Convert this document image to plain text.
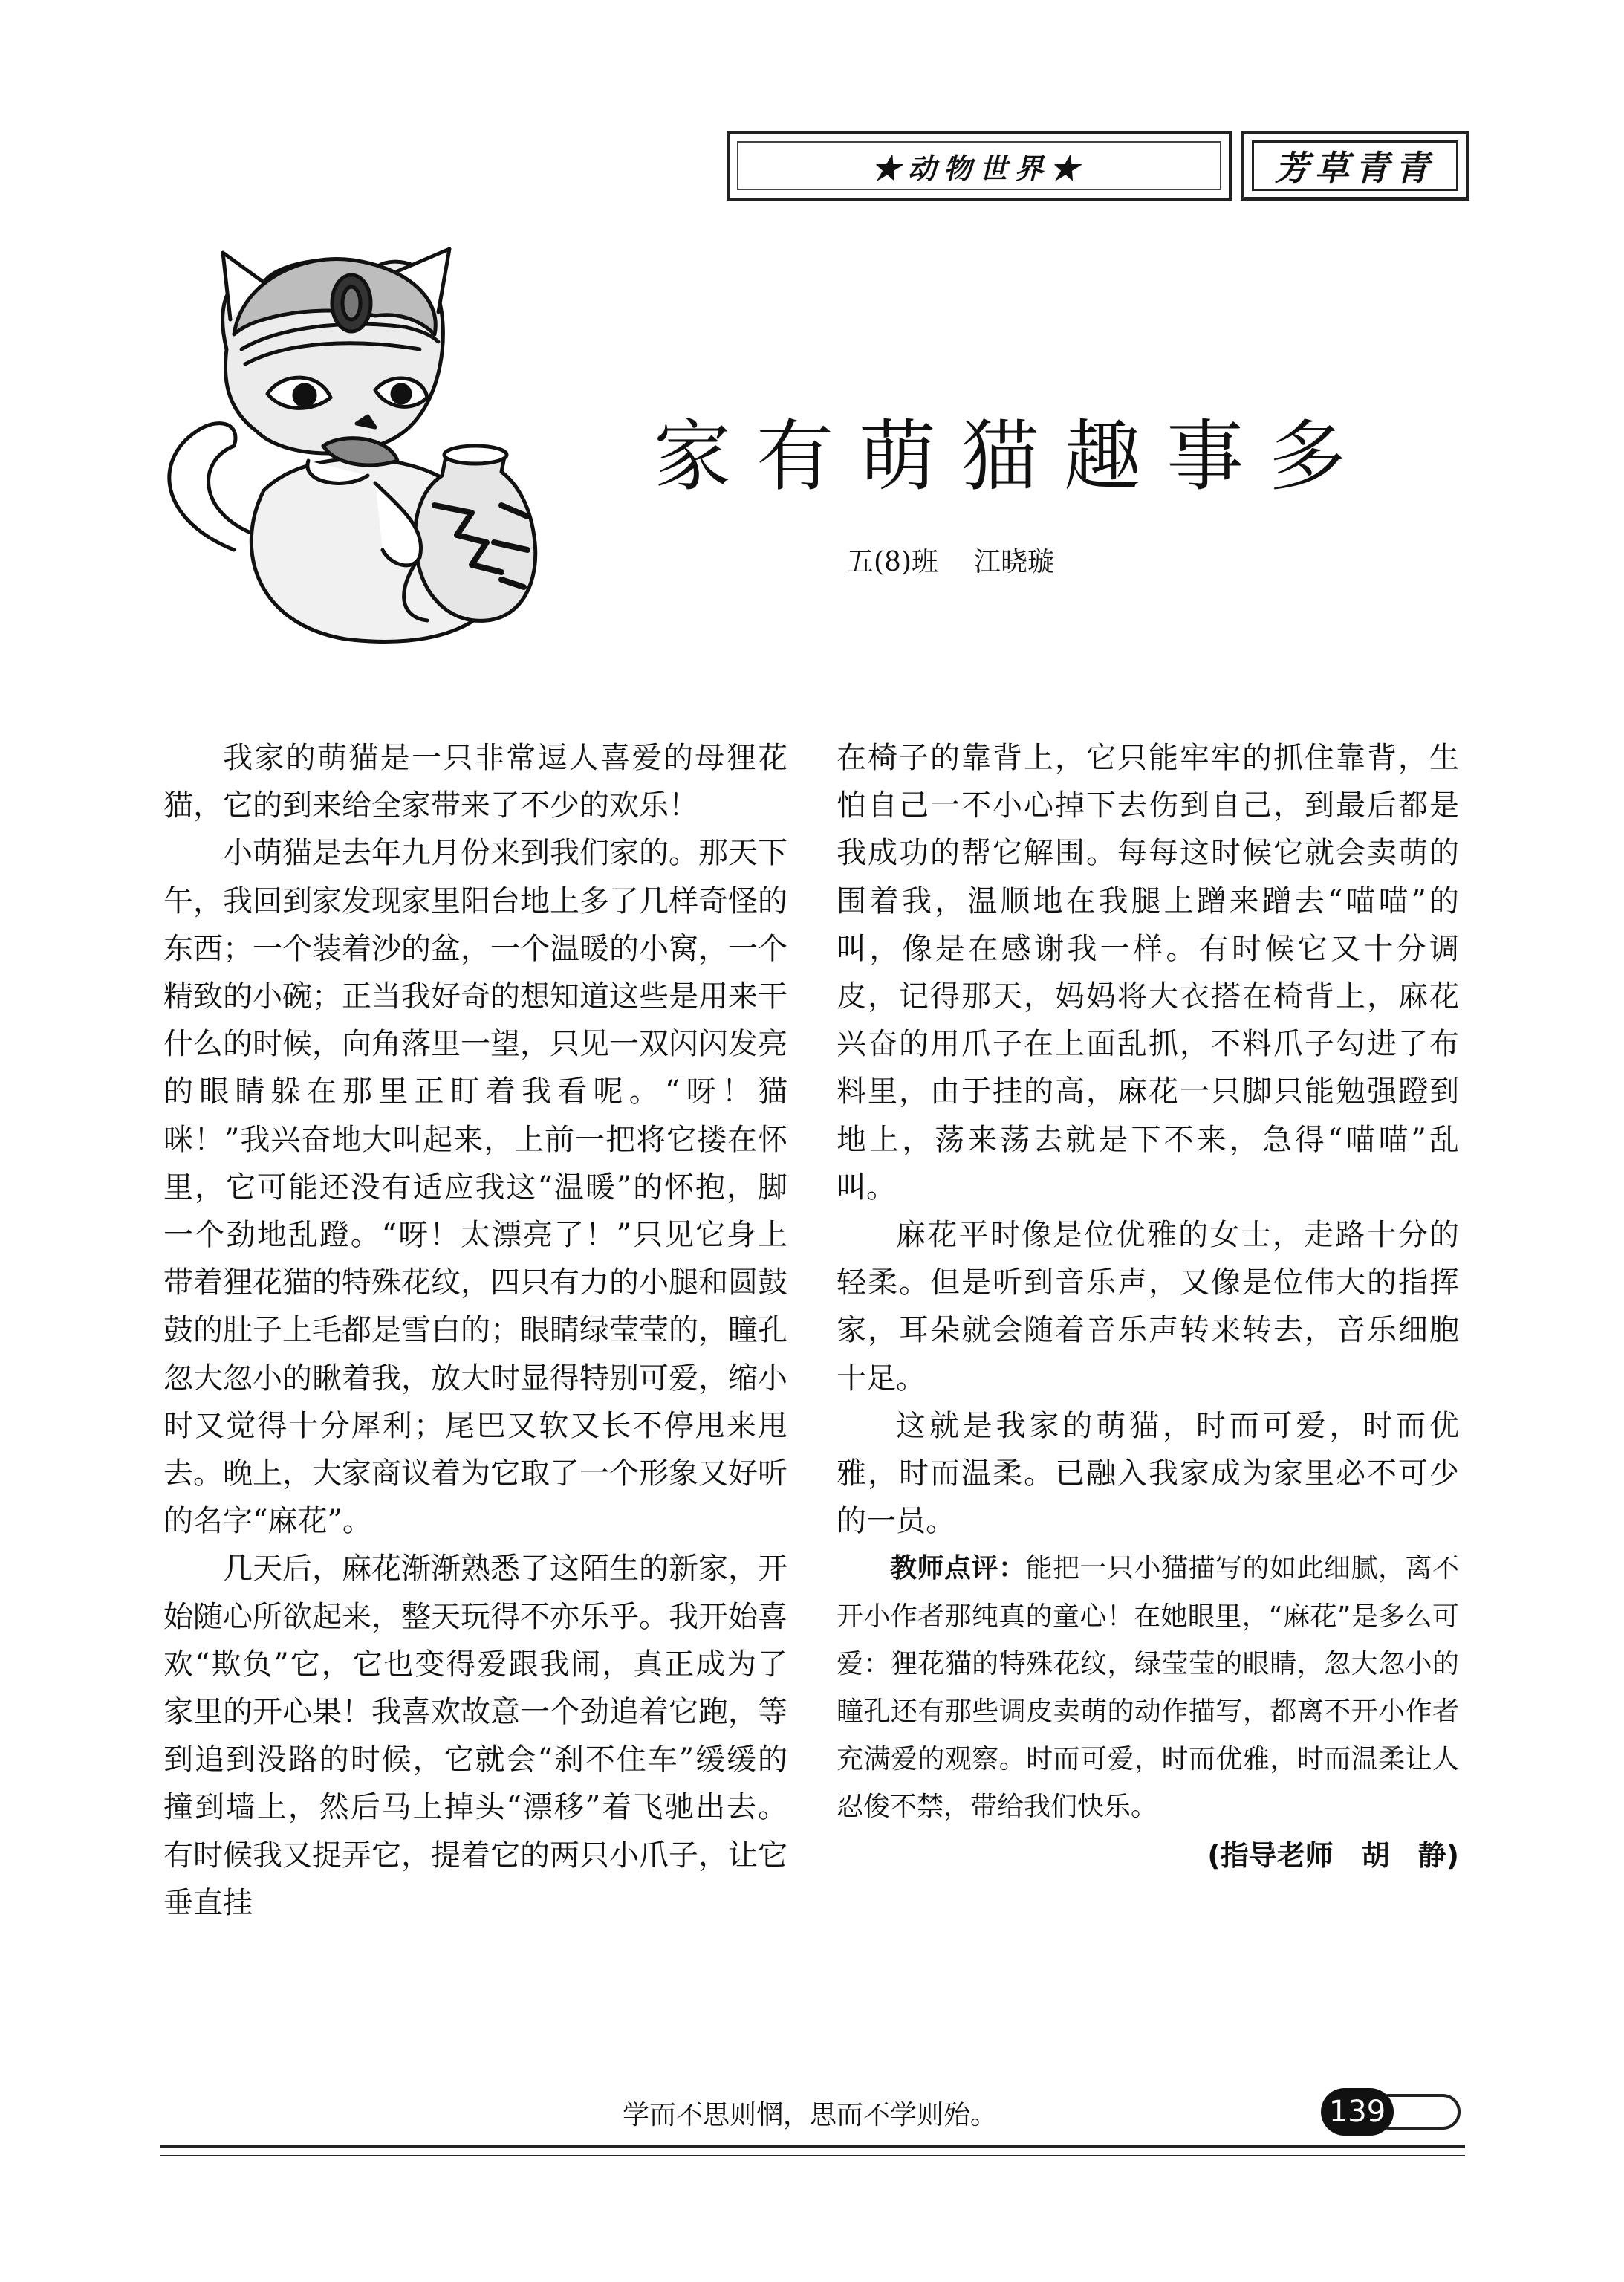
★动物世界★	芳草青青
家有萌猫趣事多
五(8)班 江晓璇

我家的萌猫是一只非常逗人喜爱的母狸花猫，它的到来给全家带来了不少的欢乐！

小萌猫是去年九月份来到我们家的。那天下午，我回到家发现家里阳台地上多了几样奇怪的东西；一个装着沙的盆，一个温暖的小窝，一个精致的小碗；正当我好奇的想知道这些是用来干什么的时候，向角落里一望，只见一双闪闪发亮的眼睛躲在那里正盯着我看呢。“呀！猫咪！”我兴奋地大叫起来，上前一把将它搂在怀里，它可能还没有适应我这“温暖”的怀抱，脚一个劲地乱蹬。“呀！太漂亮了！”只见它身上带着狸花猫的特殊花纹，四只有力的小腿和圆鼓鼓的肚子上毛都是雪白的；眼睛绿莹莹的，瞳孔忽大忽小的瞅着我，放大时显得特别可爱，缩小时又觉得十分犀利；尾巴又软又长不停甩来甩去。晚上，大家商议着为它取了一个形象又好听的名字“麻花”。

几天后，麻花渐渐熟悉了这陌生的新家，开始随心所欲起来，整天玩得不亦乐乎。我开始喜欢“欺负”它，它也变得爱跟我闹，真正成为了家里的开心果！我喜欢故意一个劲追着它跑，等到追到没路的时候，它就会“刹不住车”缓缓的撞到墙上，然后马上掉头“漂移”着飞驰出去。有时候我又捉弄它，提着它的两只小爪子，让它垂直挂

在椅子的靠背上，它只能牢牢的抓住靠背，生怕自己一不小心掉下去伤到自己，到最后都是我成功的帮它解围。每每这时候它就会卖萌的围着我，温顺地在我腿上蹭来蹭去“喵喵”的叫，像是在感谢我一样。有时候它又十分调皮，记得那天，妈妈将大衣搭在椅背上，麻花兴奋的用爪子在上面乱抓，不料爪子勾进了布料里，由于挂的高，麻花一只脚只能勉强蹬到地上，荡来荡去就是下不来，急得“喵喵”乱叫。

麻花平时像是位优雅的女士，走路十分的轻柔。但是听到音乐声，又像是位伟大的指挥家，耳朵就会随着音乐声转来转去，音乐细胞十足。

这就是我家的萌猫，时而可爱，时而优雅，时而温柔。已融入我家成为家里必不可少的一员。

教师点评：能把一只小猫描写的如此细腻，离不开小作者那纯真的童心！在她眼里，“麻花”是多么可爱：狸花猫的特殊花纹，绿莹莹的眼睛，忽大忽小的瞳孔还有那些调皮卖萌的动作描写，都离不开小作者充满爱的观察。时而可爱，时而优雅，时而温柔让人忍俊不禁，带给我们快乐。

(指导老师　胡　静)

学而不思则惘，思而不学则殆。	139
